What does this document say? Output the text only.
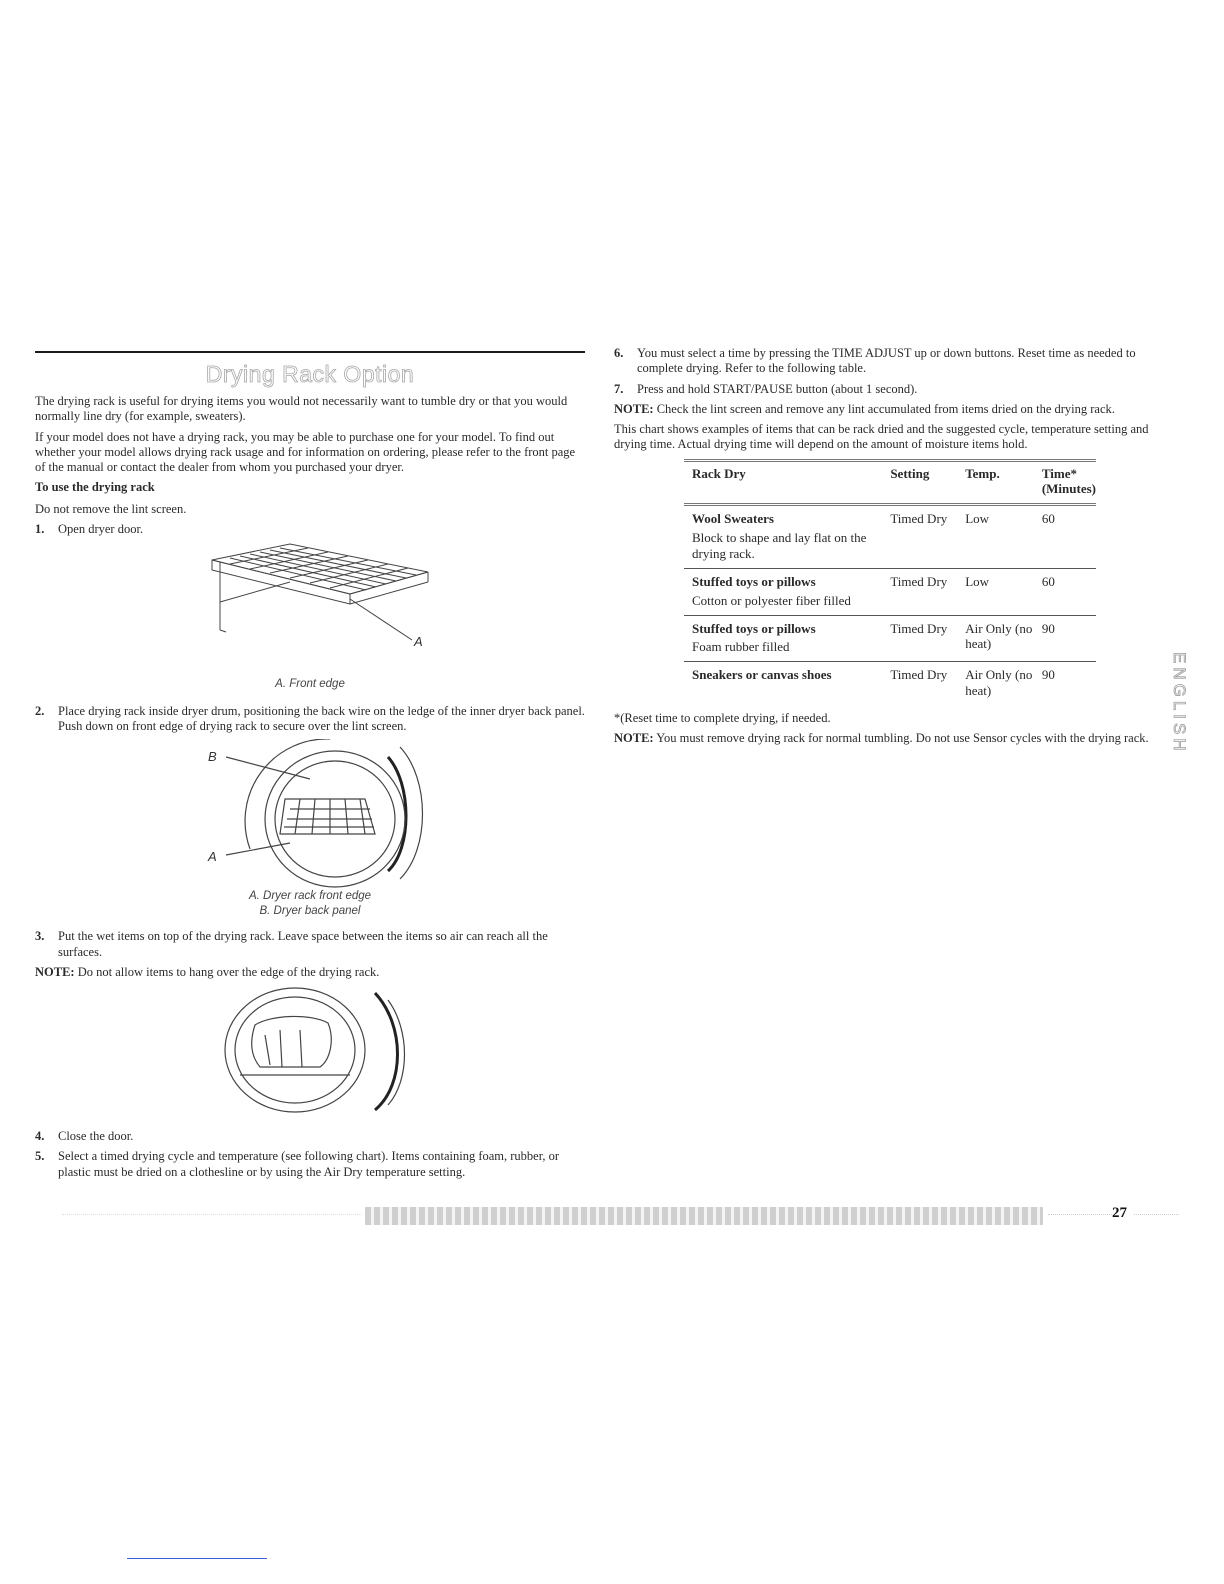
Drying Rack Option

The drying rack is useful for drying items you would not necessarily want to tumble dry or that you would normally line dry (for example, sweaters).

If your model does not have a drying rack, you may be able to purchase one for your model. To find out whether your model allows drying rack usage and for information on ordering, please refer to the front page of the manual or contact the dealer from whom you purchased your dryer.

To use the drying rack

Do not remove the lint screen.

1.	Open dryer door.
A

A. Front edge

2.	Place drying rack inside dryer drum, positioning the back wire on the ledge of the inner dryer back panel. Push down on front edge of drying rack to secure over the lint screen.
B
A

A. Dryer rack front edge

B. Dryer back panel

3.	Put the wet items on top of the drying rack. Leave space between the items so air can reach all the surfaces.

NOTE: Do not allow items to hang over the edge of the drying rack.

4.	Close the door.
5.	Select a timed drying cycle and temperature (see following chart). Items containing foam, rubber, or plastic must be dried on a clothesline or by using the Air Dry temperature setting.
6.	You must select a time by pressing the TIME ADJUST up or down buttons. Reset time as needed to complete drying. Refer to the following table.
7.	Press and hold START/PAUSE button (about 1 second).

NOTE: Check the lint screen and remove any lint accumulated from items dried on the drying rack.

This chart shows examples of items that can be rack dried and the suggested cycle, temperature setting and drying time. Actual drying time will depend on the amount of moisture items hold.

Rack Dry	Setting	Temp.	Time*
(Minutes)

Wool Sweaters
Block to shape and lay flat on the drying rack.	Timed Dry	Low	60

Stuffed toys or pillows
Cotton or polyester fiber filled	Timed Dry	Low	60

Stuffed toys or pillows
Foam rubber filled	Timed Dry	Air Only (no heat)	90

Sneakers or canvas shoes	Timed Dry	Air Only (no heat)	90

*(Reset time to complete drying, if needed.

NOTE: You must remove drying rack for normal tumbling. Do not use Sensor cycles with the drying rack.	ENGLISH
27
